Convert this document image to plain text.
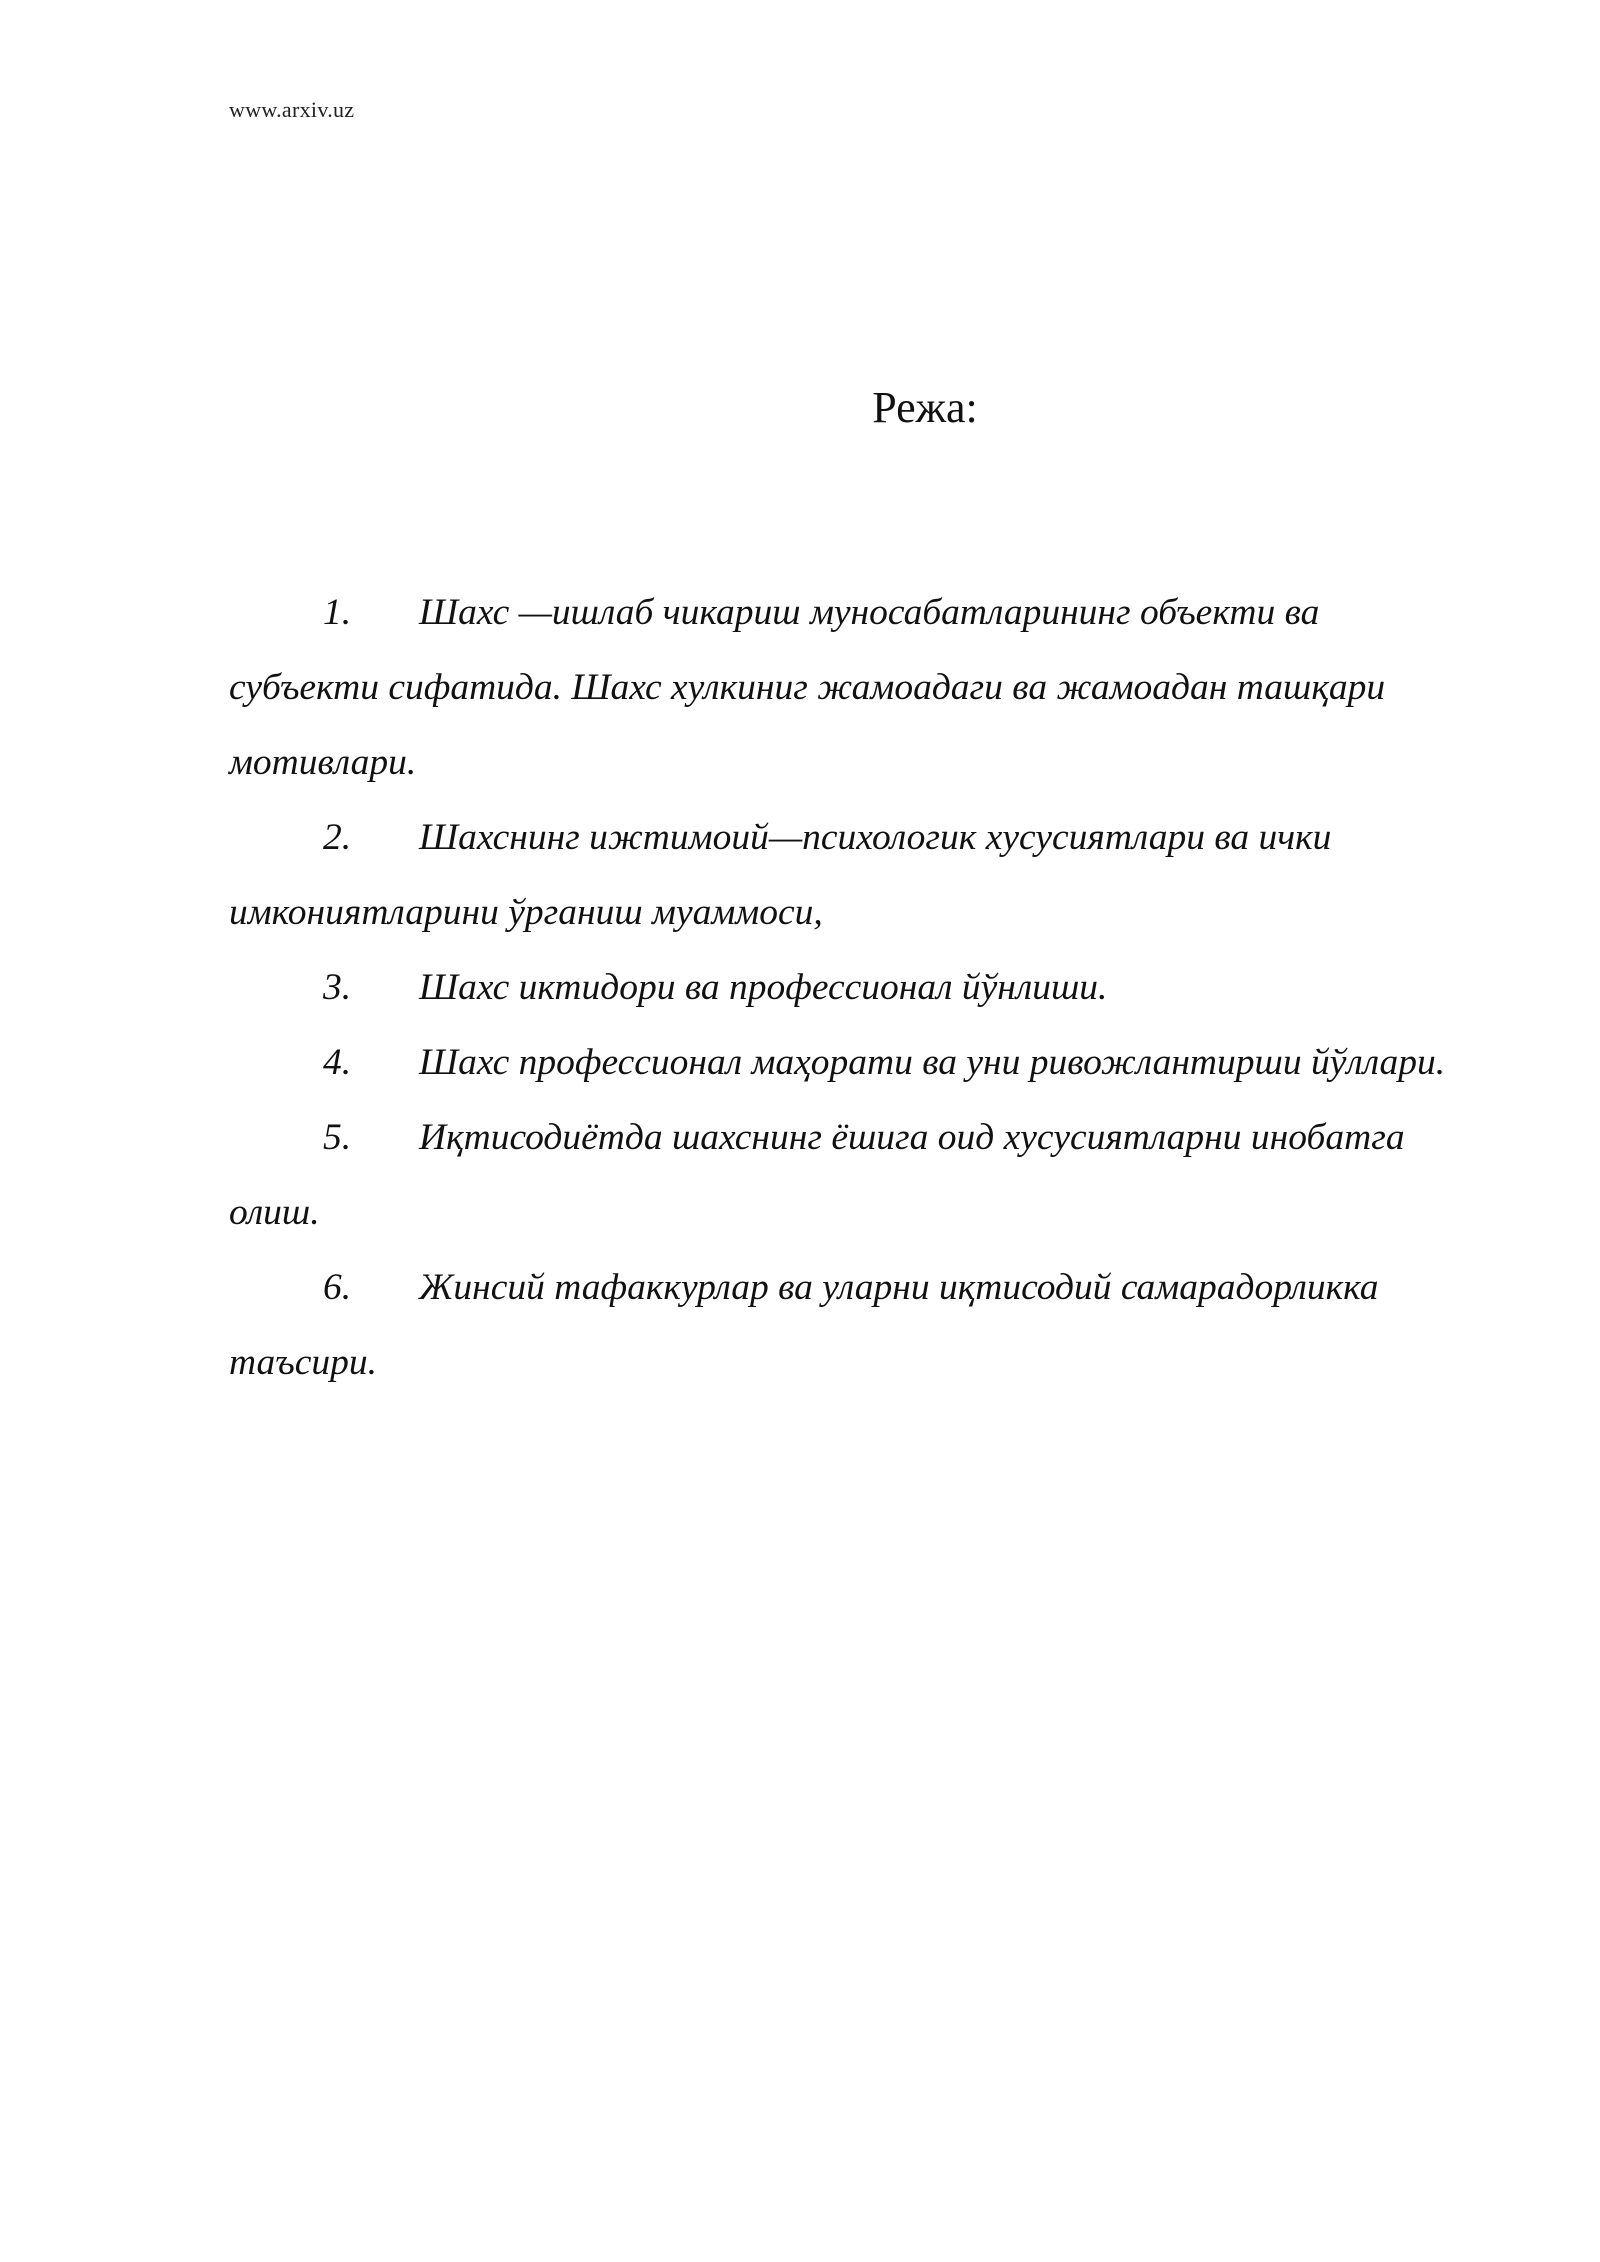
www.arxiv.uz
Режа:
1. Шахс —ишлаб чикариш муносабатларининг объекти ва субъекти сифатида. Шахс хулкиниг жамоадаги ва жамоадан ташқари мотивлари.
2. Шахснинг ижтимоий—психологик хусусиятлари ва ички имкониятларини ўрганиш муаммоси,
3. Шахс иктидори ва профессионал йўнлиши.
4. Шахс профессионал маҳорати ва уни ривожлантирши йўллари.
5. Иқтисодиётда шахснинг ёшига оид хусусиятларни инобатга олиш.
6. Жинсий тафаккурлар ва уларни иқтисодий самарадорликка таъсири.
